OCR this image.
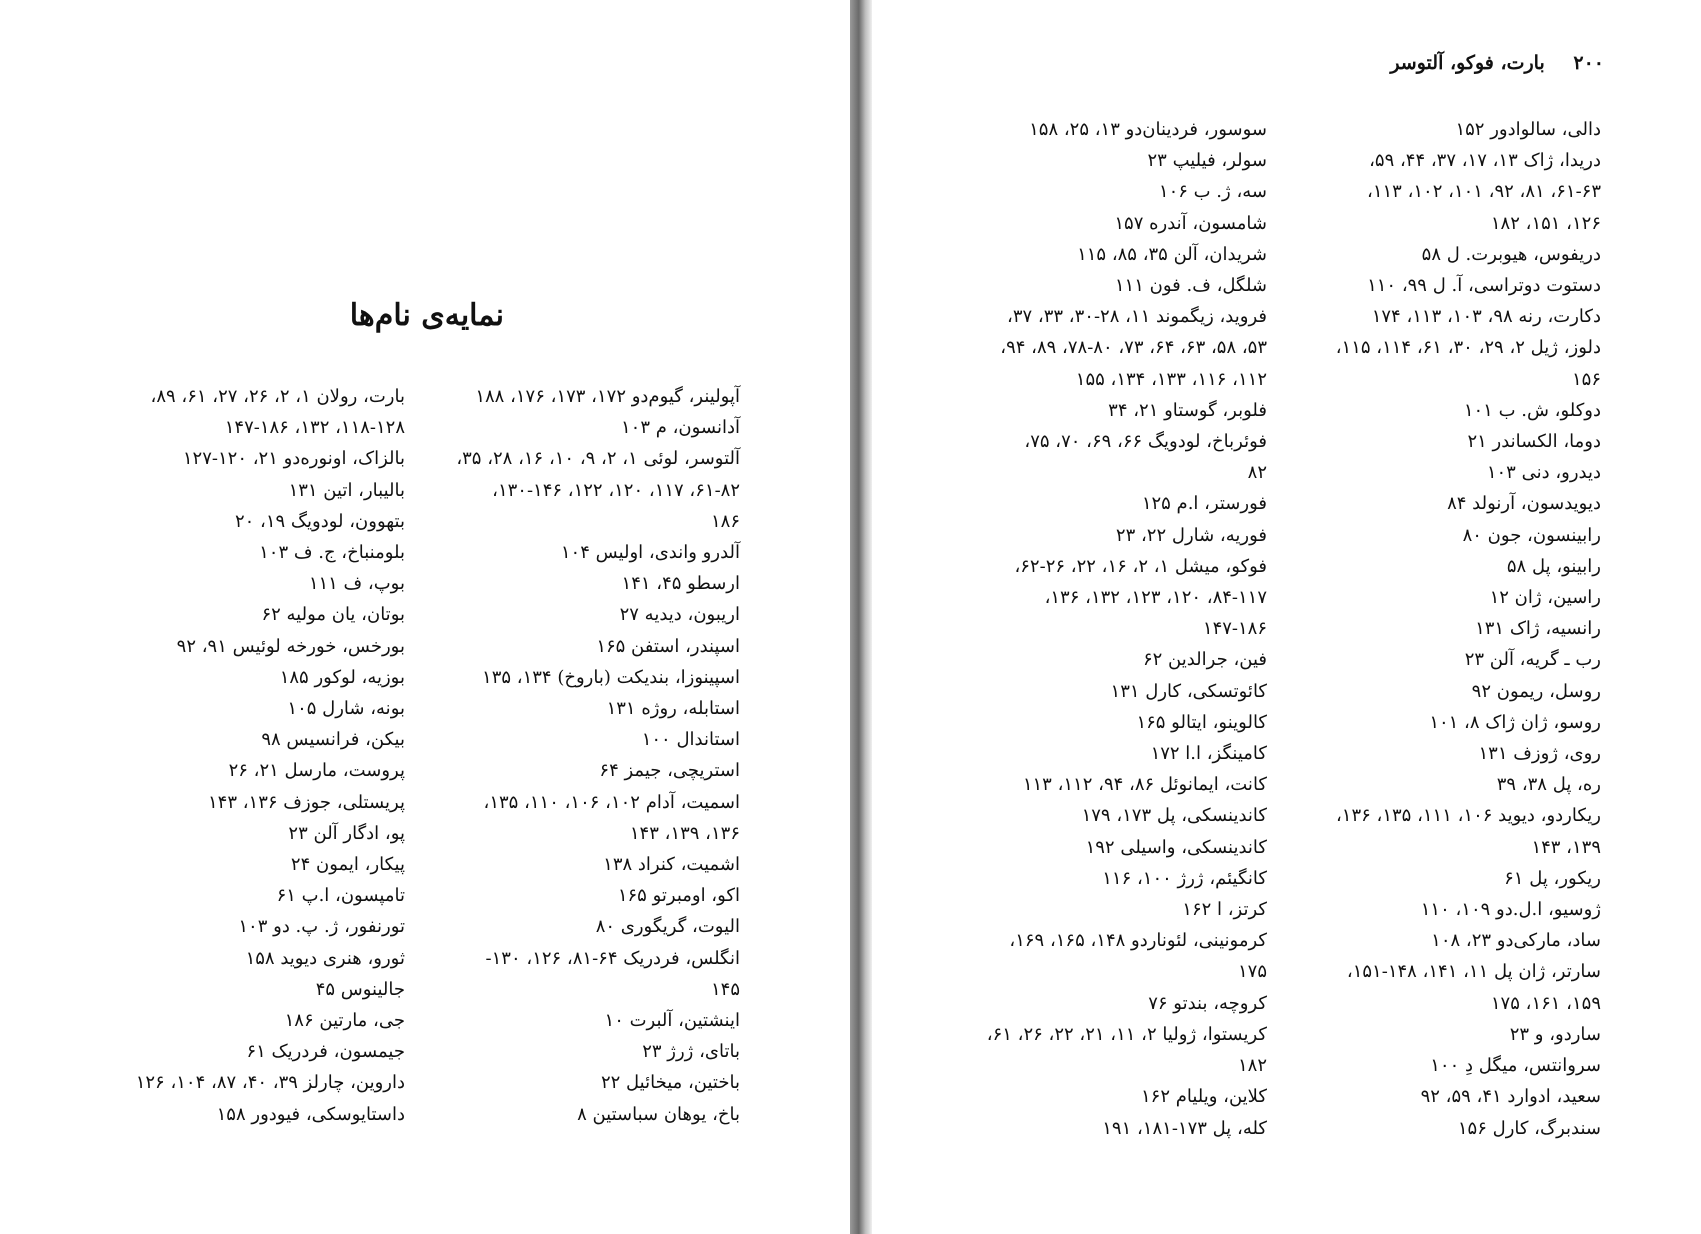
نمایه‌ی نام‌ها
آپولینر، گیوم‌دو ۱۷۲، ۱۷۳، ۱۷۶، ۱۸۸
آدانسون، م ۱۰۳
آلتوسر، لوئی ۱، ۲، ۹، ۱۰، ۱۶، ۲۸، ۳۵،
۶۱-۸۲، ۱۱۷، ۱۲۰، ۱۲۲، ۱۳۰-۱۴۶،
۱۸۶
آلدرو واندی، اولیس ۱۰۴
ارسطو ۴۵، ۱۴۱
اریبون، دیدیه ۲۷
اسپندر، استفن ۱۶۵
اسپینوزا، بندیکت (باروخ) ۱۳۴، ۱۳۵
استابله، روژه ۱۳۱
استاندال ۱۰۰
استریچی، جیمز ۶۴
اسمیت، آدام ۱۰۲، ۱۰۶، ۱۱۰، ۱۳۵،
۱۳۶، ۱۳۹، ۱۴۳
اشمیت، کنراد ۱۳۸
اکو، اومبرتو ۱۶۵
الیوت، گریگوری ۸۰
انگلس، فردریک ۶۴-۸۱، ۱۲۶، ۱۳۰-
۱۴۵
اینشتین، آلبرت ۱۰
باتای، ژرژ ۲۳
باختین، میخائیل ۲۲
باخ، یوهان سباستین ۸
بارت، رولان ۱، ۲، ۲۶، ۲۷، ۶۱، ۸۹،
۱۱۸-۱۲۸، ۱۳۲، ۱۴۷-۱۸۶
بالزاک، اونوره‌دو ۲۱، ۱۲۰-۱۲۷
بالیبار، اتین ۱۳۱
بتهوون، لودویگ ۱۹، ۲۰
بلومنباخ، ج. ف ۱۰۳
بوپ، ف ۱۱۱
بوتان، یان مولیه ۶۲
بورخس، خورخه لوئیس ۹۱، ۹۲
بوزیه، لوکور ۱۸۵
بونه، شارل ۱۰۵
بیکن، فرانسیس ۹۸
پروست، مارسل ۲۱، ۲۶
پریستلی، جوزف ۱۳۶، ۱۴۳
پو، ادگار آلن ۲۳
پیکار، ایمون ۲۴
تامپسون، ا.پ ۶۱
تورنفور، ژ. پ. دو ۱۰۳
ثورو، هنری دیوید ۱۵۸
جالینوس ۴۵
جی، مارتین ۱۸۶
جیمسون، فردریک ۶۱
داروین، چارلز ۳۹، ۴۰، ۸۷، ۱۰۴، ۱۲۶
داستایوسکی، فیودور ۱۵۸
۲۰۰ بارت، فوکو، آلتوسر
دالی، سالوادور ۱۵۲
دریدا، ژاک ۱۳، ۱۷، ۳۷، ۴۴، ۵۹،
۶۱-۶۳، ۸۱، ۹۲، ۱۰۱، ۱۰۲، ۱۱۳،
۱۲۶، ۱۵۱، ۱۸۲
دریفوس، هیوبرت. ل ۵۸
دستوت دوتراسی، آ. ل ۹۹، ۱۱۰
دکارت، رنه ۹۸، ۱۰۳، ۱۱۳، ۱۷۴
دلوز، ژیل ۲، ۲۹، ۳۰، ۶۱، ۱۱۴، ۱۱۵،
۱۵۶
دوکلو، ش. ب ۱۰۱
دوما، الکساندر ۲۱
دیدرو، دنی ۱۰۳
دیویدسون، آرنولد ۸۴
رابینسون، جون ۸۰
رابینو، پل ۵۸
راسین، ژان ۱۲
رانسیه، ژاک ۱۳۱
رب ـ گریه، آلن ۲۳
روسل، ریمون ۹۲
روسو، ژان ژاک ۸، ۱۰۱
روی، ژوزف ۱۳۱
ره، پل ۳۸، ۳۹
ریکاردو، دیوید ۱۰۶، ۱۱۱، ۱۳۵، ۱۳۶،
۱۳۹، ۱۴۳
ریکور، پل ۶۱
ژوسیو، ا.ل.دو ۱۰۹، ۱۱۰
ساد، مارکی‌دو ۲۳، ۱۰۸
سارتر، ژان پل ۱۱، ۱۴۱، ۱۴۸-۱۵۱،
۱۵۹، ۱۶۱، ۱۷۵
ساردو، و ۲۳
سروانتس، میگل دِ ۱۰۰
سعید، ادوارد ۴۱، ۵۹، ۹۲
سندبرگ، کارل ۱۵۶
سوسور، فردینان‌دو ۱۳، ۲۵، ۱۵۸
سولر، فیلیپ ۲۳
سه، ژ. ب ۱۰۶
شامسون، آندره ۱۵۷
شریدان، آلن ۳۵، ۸۵، ۱۱۵
شلگل، ف. فون ۱۱۱
فروید، زیگموند ۱۱، ۲۸-۳۰، ۳۳، ۳۷،
۵۳، ۵۸، ۶۳، ۶۴، ۷۳، ۷۸-۸۰، ۸۹، ۹۴،
۱۱۲، ۱۱۶، ۱۳۳، ۱۳۴، ۱۵۵
فلوبر، گوستاو ۲۱، ۳۴
فوئرباخ، لودویگ ۶۶، ۶۹، ۷۰، ۷۵،
۸۲
فورستر، ا.م ۱۲۵
فوریه، شارل ۲۲، ۲۳
فوکو، میشل ۱، ۲، ۱۶، ۲۲، ۲۶-۶۲،
۸۴-۱۱۷، ۱۲۰، ۱۲۳، ۱۳۲، ۱۳۶،
۱۴۷-۱۸۶
فین، جرالدین ۶۲
کائوتسکی، کارل ۱۳۱
کالوینو، ایتالو ۱۶۵
کامینگز، ا.ا ۱۷۲
کانت، ایمانوئل ۸۶، ۹۴، ۱۱۲، ۱۱۳
کاندینسکی، پل ۱۷۳، ۱۷۹
کاندینسکی، واسیلی ۱۹۲
کانگیئم، ژرژ ۱۰۰، ۱۱۶
کرتز، ا ۱۶۲
کرمونینی، لئوناردو ۱۴۸، ۱۶۵، ۱۶۹،
۱۷۵
کروچه، بندتو ۷۶
کریستوا، ژولیا ۲، ۱۱، ۲۱، ۲۲، ۲۶، ۶۱،
۱۸۲
کلاین، ویلیام ۱۶۲
کله، پل ۱۷۳-۱۸۱، ۱۹۱
